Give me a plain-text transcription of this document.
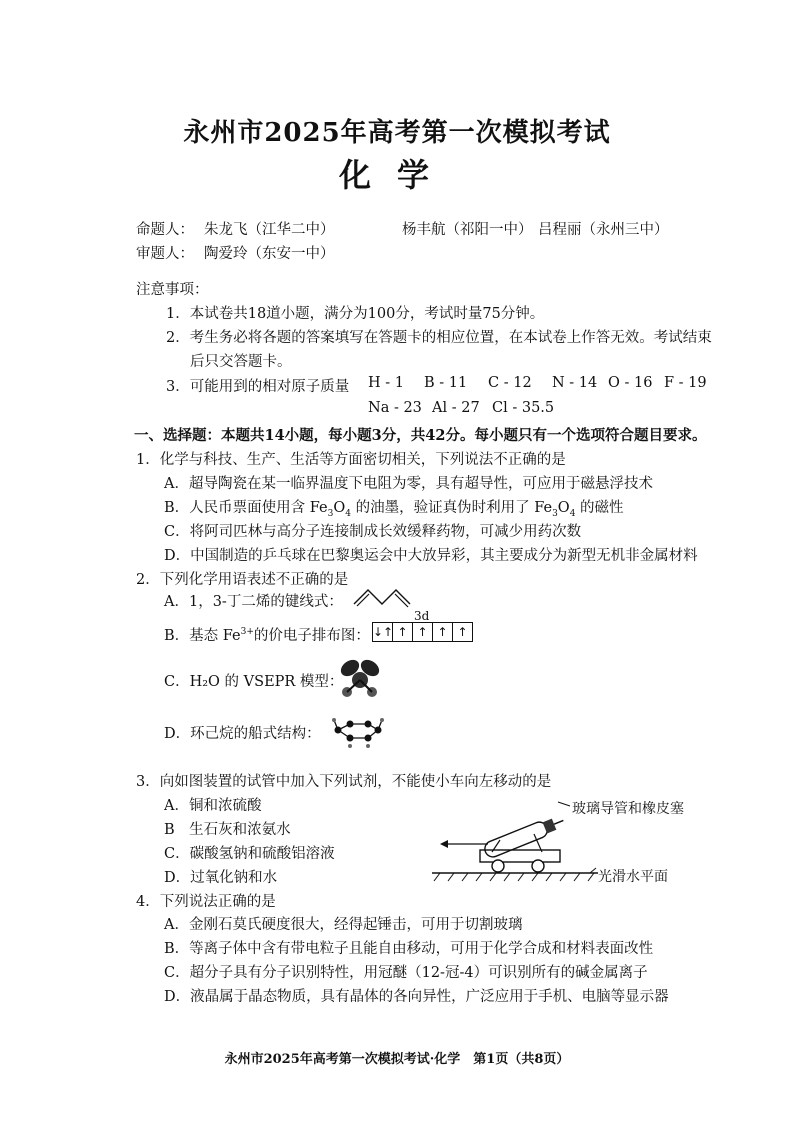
永州市2025年高考第一次模拟考试
化学
命题人： 朱龙飞（江华二中）	杨丰航（祁阳一中） 吕程丽（永州三中）
审题人： 陶爱玲（东安一中）
注意事项：
1．本试卷共18道小题，满分为100分，考试时量75分钟。
2．考生务必将各题的答案填写在答题卡的相应位置，在本试卷上作答无效。考试结束
后只交答题卡。
3．可能用到的相对原子质量 H - 1 B - 11 C - 12 N - 14 O - 16 F - 19
Na - 23 Al - 27 Cl - 35.5
一、选择题：本题共14小题，每小题3分，共42分。每小题只有一个选项符合题目要求。
1．化学与科技、生产、生活等方面密切相关，下列说法不正确的是
A．超导陶瓷在某一临界温度下电阻为零，具有超导性，可应用于磁悬浮技术
B．人民币票面使用含 $Fe_3O_4$ 的油墨，验证真伪时利用了 $Fe_3O_4$ 的磁性
C．将阿司匹林与高分子连接制成长效缓释药物，可减少用药次数
D．中国制造的乒乓球在巴黎奥运会中大放异彩，其主要成分为新型无机非金属材料
2．下列化学用语表述不正确的是
A．1，3-丁二烯的键线式：
B．基态 $Fe^{3+}$的价电子排布图：
3d
↓↑ ↑ ↑ ↑ ↑
C．H₂O 的 VSEPR 模型：
D．环己烷的船式结构：
3．向如图装置的试管中加入下列试剂，不能使小车向左移动的是
A．铜和浓硫酸
B　生石灰和浓氨水
C．碳酸氢钠和硫酸铝溶液
D．过氧化钠和水
玻璃导管和橡皮塞
光滑水平面
4．下列说法正确的是
A．金刚石莫氏硬度很大，经得起锤击，可用于切割玻璃
B．等离子体中含有带电粒子且能自由移动，可用于化学合成和材料表面改性
C．超分子具有分子识别特性，用冠醚（12-冠-4）可识别所有的碱金属离子
D．液晶属于晶态物质，具有晶体的各向异性，广泛应用于手机、电脑等显示器
永州市2025年高考第一次模拟考试·化学　第1页（共8页）
